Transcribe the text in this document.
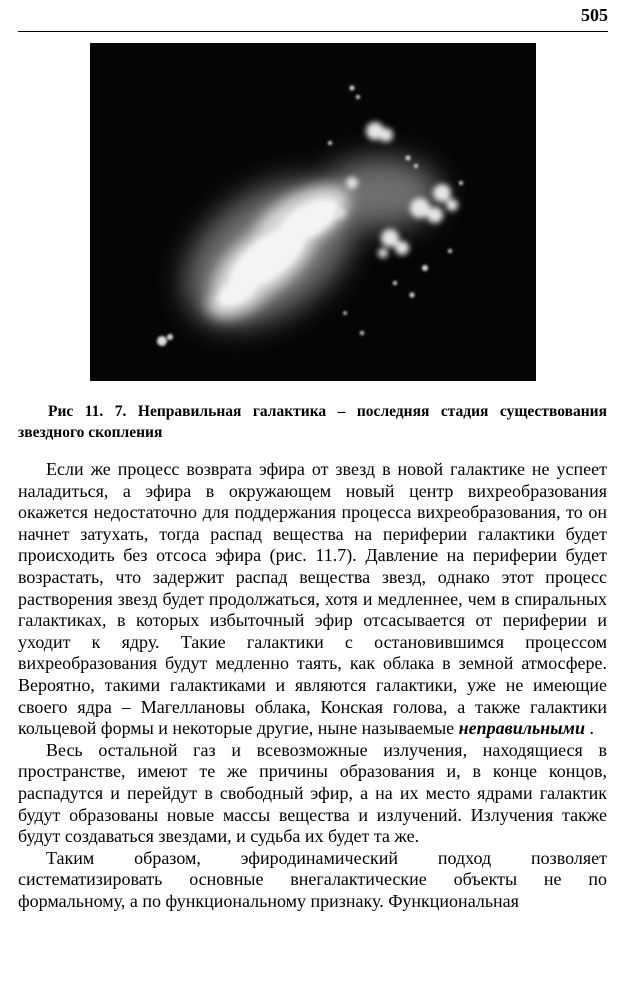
505
Рис 11. 7. Неправильная галактика – последняя стадия существования звездного скопления

Если же процесс возврата эфира от звезд в новой галактике не успеет наладиться, а эфира в окружающем новый центр вихреобразования окажется недостаточно для поддержания процесса вихреобразования, то он начнет затухать, тогда распад вещества на периферии галактики будет происходить без отсоса эфира (рис. 11.7). Давление на периферии будет возрастать, что задержит распад вещества звезд, однако этот процесс растворения звезд будет продолжаться, хотя и медленнее, чем в спиральных галактиках, в которых избыточный эфир отсасывается от периферии и уходит к ядру. Такие галактики с остановившимся процессом вихреобразования будут медленно таять, как облака в земной атмосфере. Вероятно, такими галактиками и являются галактики, уже не имеющие своего ядра – Магеллановы облака, Конская голова, а также галактики кольцевой формы и некоторые другие, ныне называемые неправильными .

Весь остальной газ и всевозможные излучения, находящиеся в пространстве, имеют те же причины образования и, в конце концов, распадутся и перейдут в свободный эфир, а на их место ядрами галактик будут образованы новые массы вещества и излучений. Излучения также будут создаваться звездами, и судьба их будет та же.

Таким образом, эфиродинамический подход позволяет систематизировать основные внегалактические объекты не по формальному, а по функциональному признаку. Функциональная
